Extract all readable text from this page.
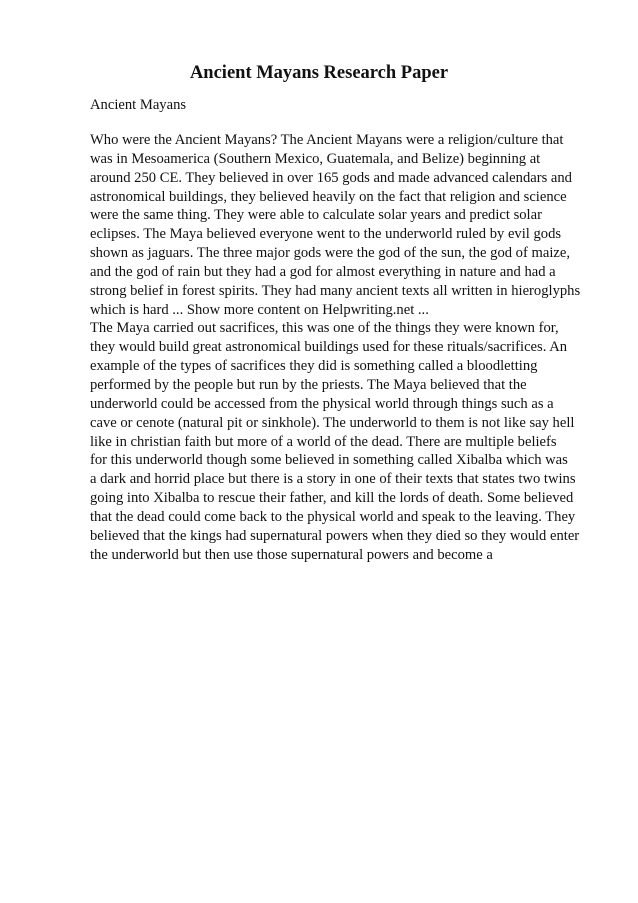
Ancient Mayans Research Paper

Ancient Mayans

Who were the Ancient Mayans? The Ancient Mayans were a religion/culture that
was in Mesoamerica (Southern Mexico, Guatemala, and Belize) beginning at
around 250 CE. They believed in over 165 gods and made advanced calendars and
astronomical buildings, they believed heavily on the fact that religion and science
were the same thing. They were able to calculate solar years and predict solar
eclipses. The Maya believed everyone went to the underworld ruled by evil gods
shown as jaguars. The three major gods were the god of the sun, the god of maize,
and the god of rain but they had a god for almost everything in nature and had a
strong belief in forest spirits. They had many ancient texts all written in hieroglyphs
which is hard ... Show more content on Helpwriting.net ...
The Maya carried out sacrifices, this was one of the things they were known for,
they would build great astronomical buildings used for these rituals/sacrifices. An
example of the types of sacrifices they did is something called a bloodletting
performed by the people but run by the priests. The Maya believed that the
underworld could be accessed from the physical world through things such as a
cave or cenote (natural pit or sinkhole). The underworld to them is not like say hell
like in christian faith but more of a world of the dead. There are multiple beliefs
for this underworld though some believed in something called Xibalba which was
a dark and horrid place but there is a story in one of their texts that states two twins
going into Xibalba to rescue their father, and kill the lords of death. Some believed
that the dead could come back to the physical world and speak to the leaving. They
believed that the kings had supernatural powers when they died so they would enter
the underworld but then use those supernatural powers and become a
